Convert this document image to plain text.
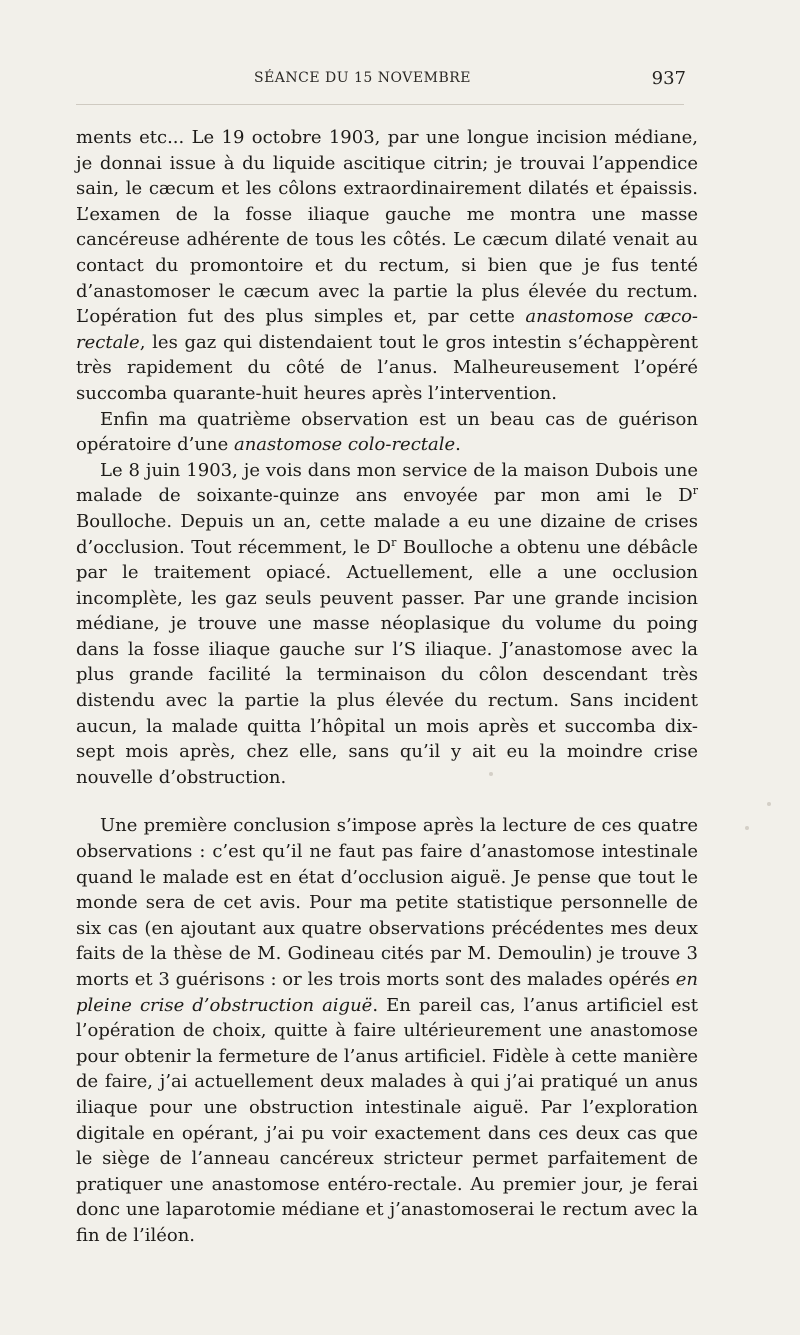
SÉANCE DU 15 NOVEMBRE	937

ments etc... Le 19 octobre 1903, par une longue incision médiane, je donnai issue à du liquide ascitique citrin; je trouvai l’appendice sain, le cæcum et les côlons extraordinairement dilatés et épaissis. L’examen de la fosse iliaque gauche me montra une masse cancéreuse adhérente de tous les côtés. Le cæcum dilaté venait au contact du promontoire et du rectum, si bien que je fus tenté d’anastomoser le cæcum avec la partie la plus élevée du rectum. L’opération fut des plus simples et, par cette anastomose cæco-rectale, les gaz qui distendaient tout le gros intestin s’échappèrent très rapidement du côté de l’anus. Malheureusement l’opéré succomba quarante-huit heures après l’intervention.

Enfin ma quatrième observation est un beau cas de guérison opératoire d’une anastomose colo-rectale.

Le 8 juin 1903, je vois dans mon service de la maison Dubois une malade de soixante-quinze ans envoyée par mon ami le $D^r$ Boulloche. Depuis un an, cette malade a eu une dizaine de crises d’occlusion. Tout récemment, le $D^r$ Boulloche a obtenu une débâcle par le traitement opiacé. Actuellement, elle a une occlusion incomplète, les gaz seuls peuvent passer. Par une grande incision médiane, je trouve une masse néoplasique du volume du poing dans la fosse iliaque gauche sur l’S iliaque. J’anastomose avec la plus grande facilité la terminaison du côlon descendant très distendu avec la partie la plus élevée du rectum. Sans incident aucun, la malade quitta l’hôpital un mois après et succomba dix-sept mois après, chez elle, sans qu’il y ait eu la moindre crise nouvelle d’obstruction.

Une première conclusion s’impose après la lecture de ces quatre observations : c’est qu’il ne faut pas faire d’anastomose intestinale quand le malade est en état d’occlusion aiguë. Je pense que tout le monde sera de cet avis. Pour ma petite statistique personnelle de six cas (en ajoutant aux quatre observations précédentes mes deux faits de la thèse de M. Godineau cités par M. Demoulin) je trouve 3 morts et 3 guérisons : or les trois morts sont des malades opérés en pleine crise d’obstruction aiguë. En pareil cas, l’anus artificiel est l’opération de choix, quitte à faire ultérieurement une anastomose pour obtenir la fermeture de l’anus artificiel. Fidèle à cette manière de faire, j’ai actuellement deux malades à qui j’ai pratiqué un anus iliaque pour une obstruction intestinale aiguë. Par l’exploration digitale en opérant, j’ai pu voir exactement dans ces deux cas que le siège de l’anneau cancéreux stricteur permet parfaitement de pratiquer une anastomose entéro-rectale. Au premier jour, je ferai donc une laparotomie médiane et j’anastomoserai le rectum avec la fin de l’iléon.
